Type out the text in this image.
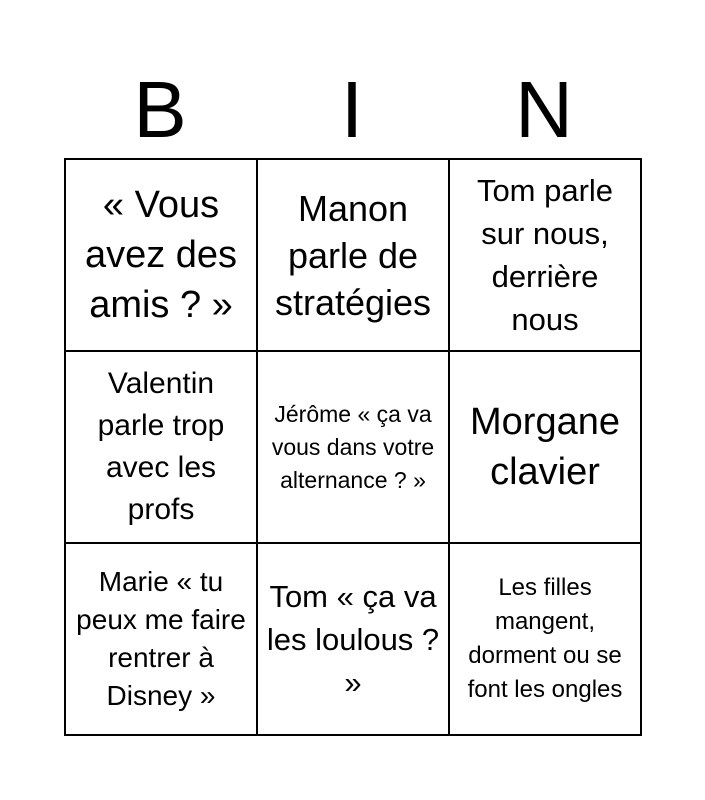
B	I	N
« Vous avez des amis ? »	Manon parle de stratégies	Tom parle sur nous, derrière nous

Valentin parle trop avec les profs	Jérôme « ça va vous dans votre alternance ? »	Morgane clavier

Marie « tu peux me faire rentrer à Disney »	Tom « ça va les loulous ? »	Les filles mangent, dorment ou se font les ongles
